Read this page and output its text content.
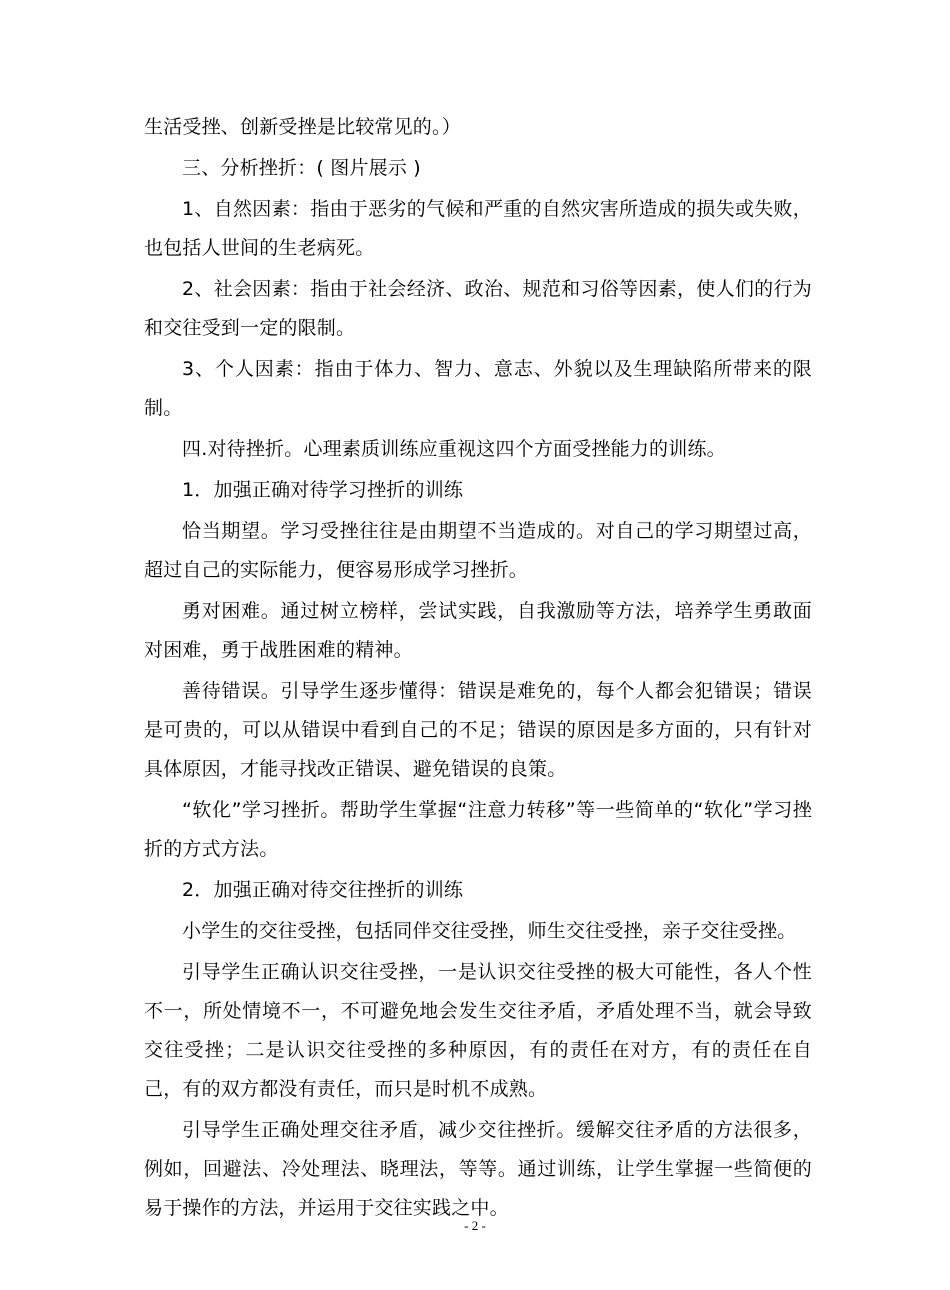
生活受挫、创新受挫是比较常见的。）

三、分析挫折：( 图片展示 )

1、自然因素：指由于恶劣的气候和严重的自然灾害所造成的损失或失败，也包括人世间的生老病死。

2、社会因素：指由于社会经济、政治、规范和习俗等因素，使人们的行为和交往受到一定的限制。

3、个人因素：指由于体力、智力、意志、外貌以及生理缺陷所带来的限制。

四.对待挫折。心理素质训练应重视这四个方面受挫能力的训练。

1．加强正确对待学习挫折的训练

恰当期望。学习受挫往往是由期望不当造成的。对自己的学习期望过高，超过自己的实际能力，便容易形成学习挫折。

勇对困难。通过树立榜样，尝试实践，自我激励等方法，培养学生勇敢面对困难，勇于战胜困难的精神。

善待错误。引导学生逐步懂得：错误是难免的，每个人都会犯错误；错误是可贵的，可以从错误中看到自己的不足；错误的原因是多方面的，只有针对具体原因，才能寻找改正错误、避免错误的良策。

“软化”学习挫折。帮助学生掌握“注意力转移”等一些简单的“软化”学习挫折的方式方法。

2．加强正确对待交往挫折的训练

小学生的交往受挫，包括同伴交往受挫，师生交往受挫，亲子交往受挫。

引导学生正确认识交往受挫，一是认识交往受挫的极大可能性，各人个性不一，所处情境不一，不可避免地会发生交往矛盾，矛盾处理不当，就会导致交往受挫；二是认识交往受挫的多种原因，有的责任在对方，有的责任在自己，有的双方都没有责任，而只是时机不成熟。

引导学生正确处理交往矛盾，减少交往挫折。缓解交往矛盾的方法很多，例如，回避法、冷处理法、晓理法，等等。通过训练，让学生掌握一些简便的易于操作的方法，并运用于交往实践之中。

- 2 -
